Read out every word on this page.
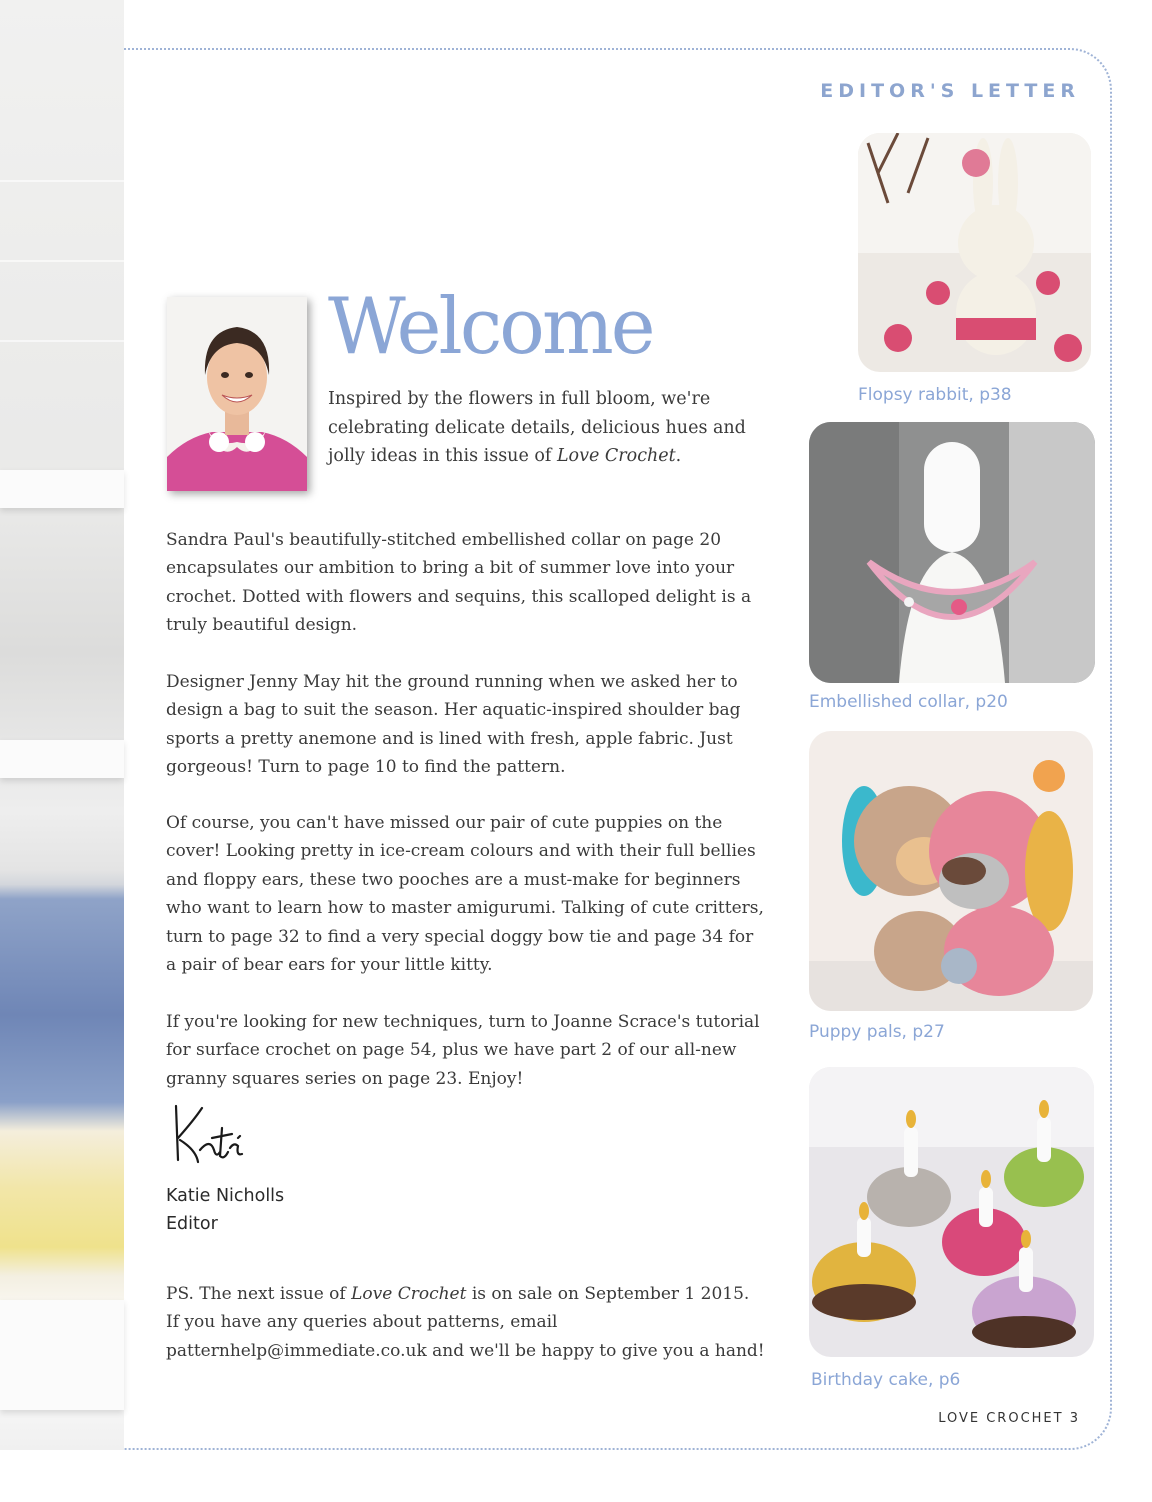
EDITOR'S LETTER
Welcome

Inspired by the flowers in full bloom, we're celebrating delicate details, delicious hues and jolly ideas in this issue of Love Crochet.

Sandra Paul's beautifully-stitched embellished collar on page 20 encapsulates our ambition to bring a bit of summer love into your crochet. Dotted with flowers and sequins, this scalloped delight is a truly beautiful design.

Designer Jenny May hit the ground running when we asked her to design a bag to suit the season. Her aquatic-inspired shoulder bag sports a pretty anemone and is lined with fresh, apple fabric. Just gorgeous! Turn to page 10 to find the pattern.

Of course, you can't have missed our pair of cute puppies on the cover! Looking pretty in ice-cream colours and with their full bellies and floppy ears, these two pooches are a must-make for beginners who want to learn how to master amigurumi. Talking of cute critters, turn to page 32 to find a very special doggy bow tie and page 34 for a pair of bear ears for your little kitty.

If you're looking for new techniques, turn to Joanne Scrace's tutorial for surface crochet on page 54, plus we have part 2 of our all-new granny squares series on page 23. Enjoy!

Katie Nicholls
Editor

PS. The next issue of Love Crochet is on sale on September 1 2015. If you have any queries about patterns, email patternhelp@immediate.co.uk and we'll be happy to give you a hand!

Flopsy rabbit, p38
Embellished collar, p20
Puppy pals, p27
Birthday cake, p6
LOVE CROCHET 3
